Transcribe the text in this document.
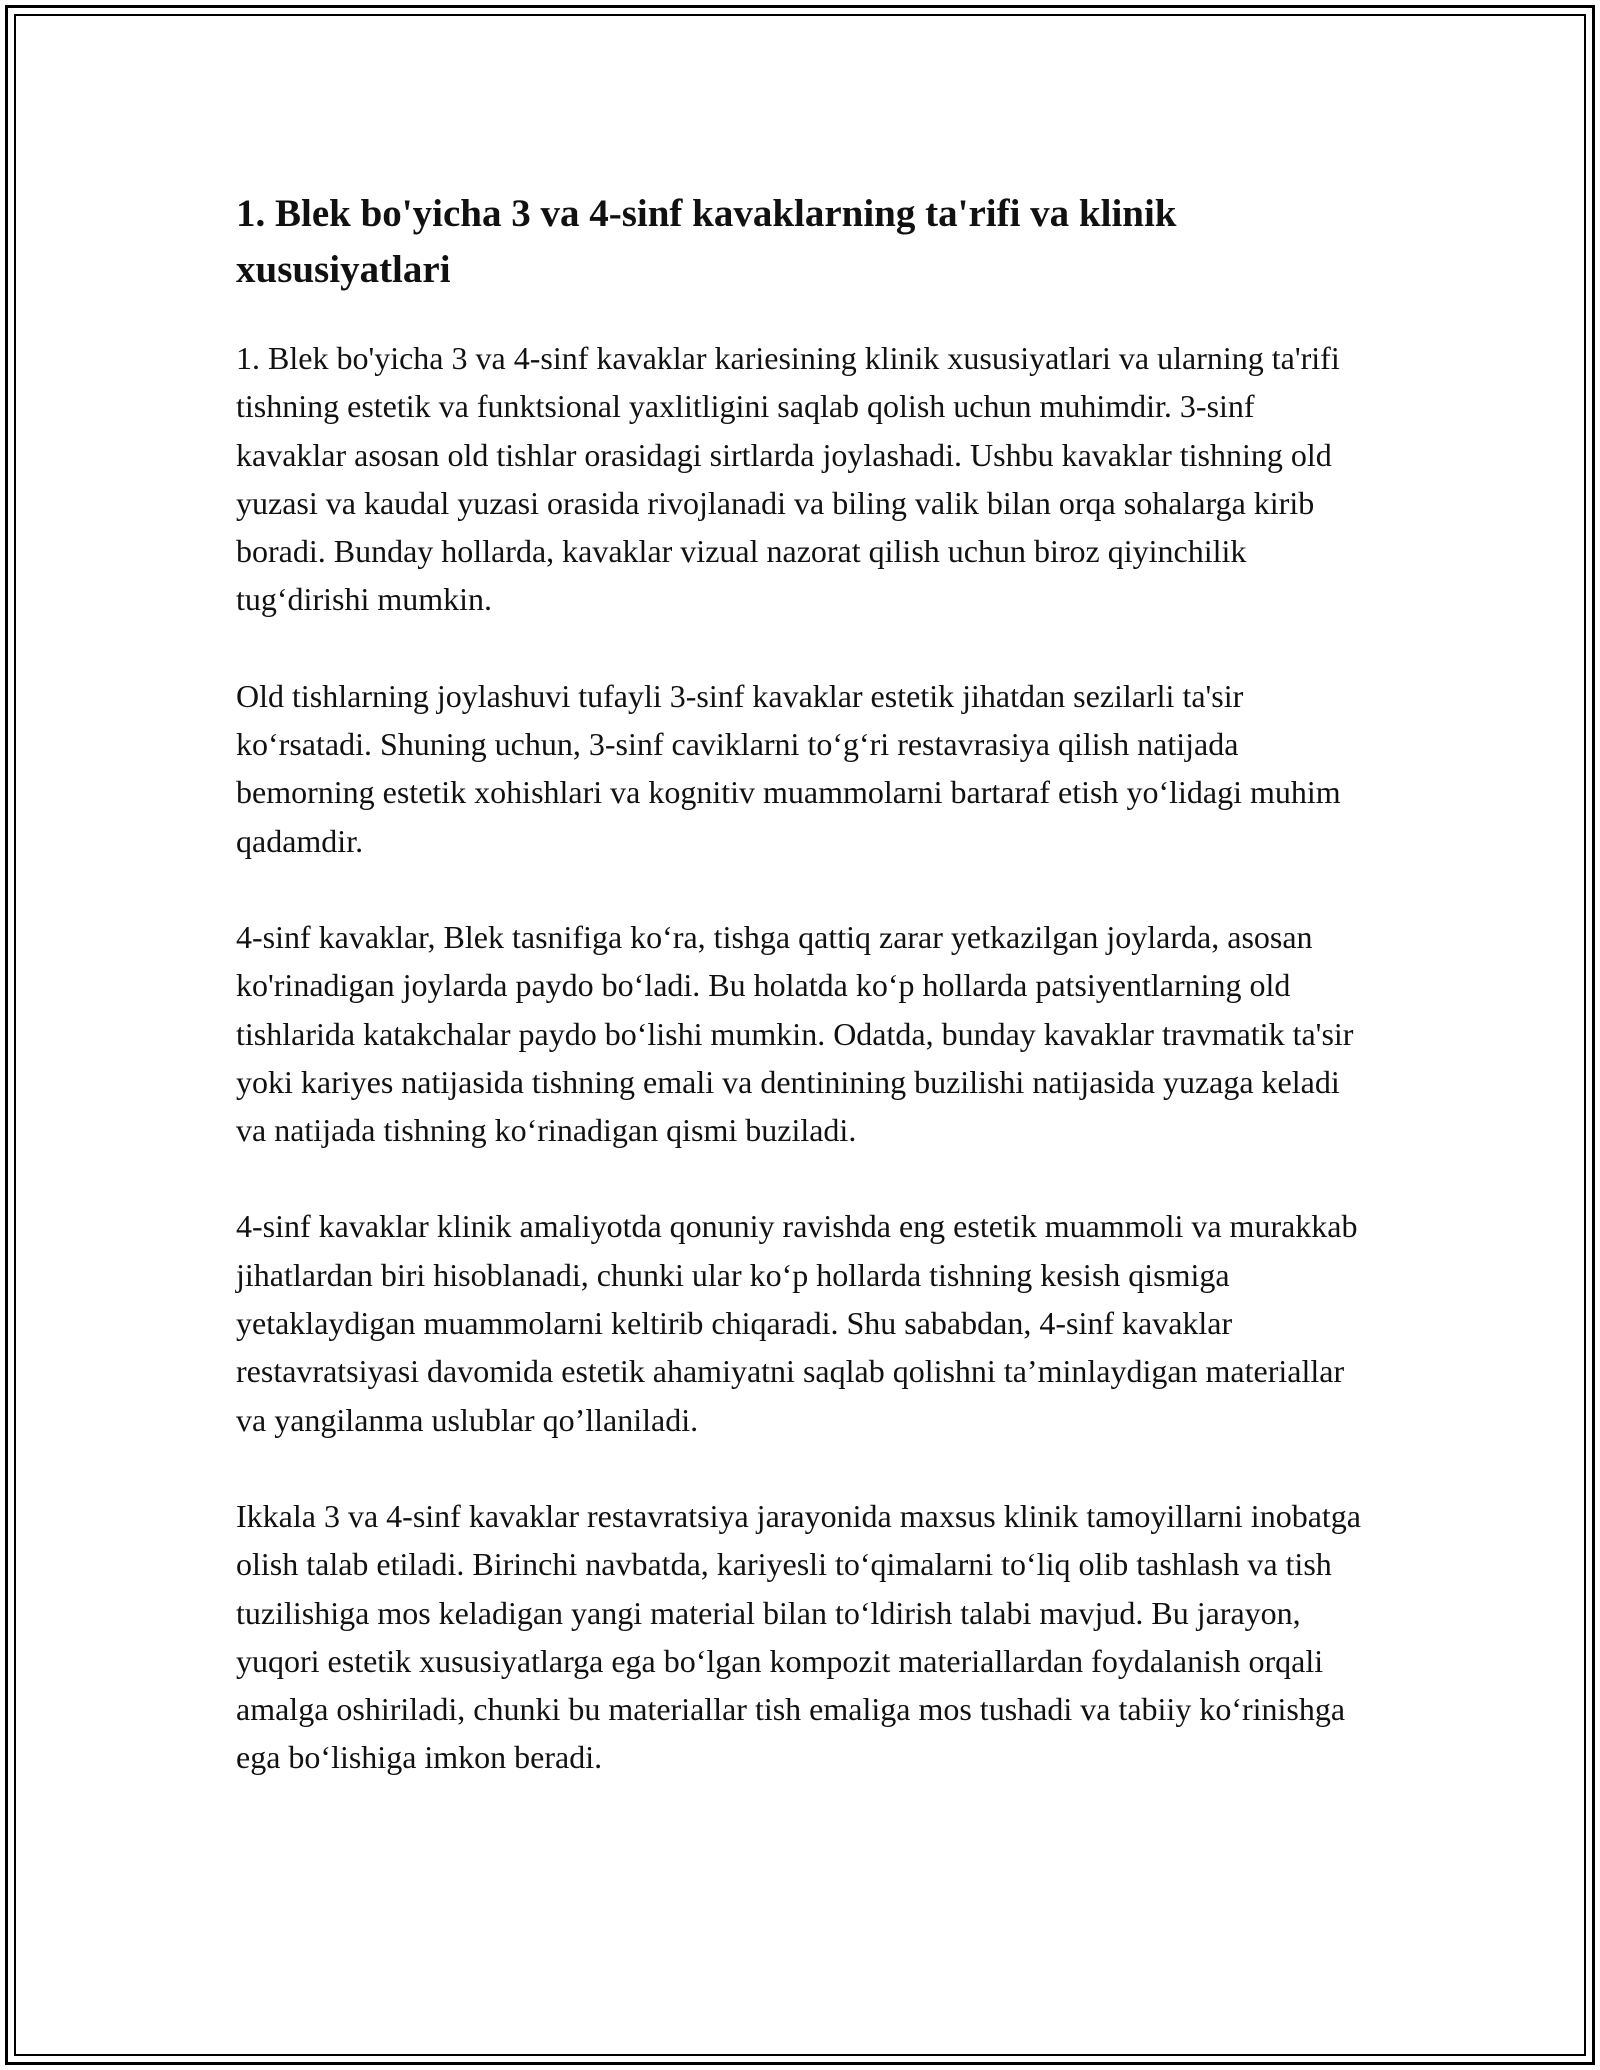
1. Blek bo'yicha 3 va 4-sinf kavaklarning ta'rifi va klinik xususiyatlari

1. Blek bo'yicha 3 va 4-sinf kavaklar kariesining klinik xususiyatlari va ularning ta'rifi tishning estetik va funktsional yaxlitligini saqlab qolish uchun muhimdir. 3-sinf kavaklar asosan old tishlar orasidagi sirtlarda joylashadi. Ushbu kavaklar tishning old yuzasi va kaudal yuzasi orasida rivojlanadi va biling valik bilan orqa sohalarga kirib boradi. Bunday hollarda, kavaklar vizual nazorat qilish uchun biroz qiyinchilik tug‘dirishi mumkin.

Old tishlarning joylashuvi tufayli 3-sinf kavaklar estetik jihatdan sezilarli ta'sir ko‘rsatadi. Shuning uchun, 3-sinf caviklarni to‘g‘ri restavrasiya qilish natijada bemorning estetik xohishlari va kognitiv muammolarni bartaraf etish yo‘lidagi muhim qadamdir.

4-sinf kavaklar, Blek tasnifiga ko‘ra, tishga qattiq zarar yetkazilgan joylarda, asosan ko'rinadigan joylarda paydo bo‘ladi. Bu holatda ko‘p hollarda patsiyentlarning old tishlarida katakchalar paydo bo‘lishi mumkin. Odatda, bunday kavaklar travmatik ta'sir yoki kariyes natijasida tishning emali va dentinining buzilishi natijasida yuzaga keladi va natijada tishning ko‘rinadigan qismi buziladi.

4-sinf kavaklar klinik amaliyotda qonuniy ravishda eng estetik muammoli va murakkab jihatlardan biri hisoblanadi, chunki ular ko‘p hollarda tishning kesish qismiga yetaklaydigan muammolarni keltirib chiqaradi. Shu sababdan, 4-sinf kavaklar restavratsiyasi davomida estetik ahamiyatni saqlab qolishni ta’minlaydigan materiallar va yangilanma uslublar qo’llaniladi.

Ikkala 3 va 4-sinf kavaklar restavratsiya jarayonida maxsus klinik tamoyillarni inobatga olish talab etiladi. Birinchi navbatda, kariyesli to‘qimalarni to‘liq olib tashlash va tish tuzilishiga mos keladigan yangi material bilan to‘ldirish talabi mavjud. Bu jarayon, yuqori estetik xususiyatlarga ega bo‘lgan kompozit materiallardan foydalanish orqali amalga oshiriladi, chunki bu materiallar tish emaliga mos tushadi va tabiiy ko‘rinishga ega bo‘lishiga imkon beradi.
